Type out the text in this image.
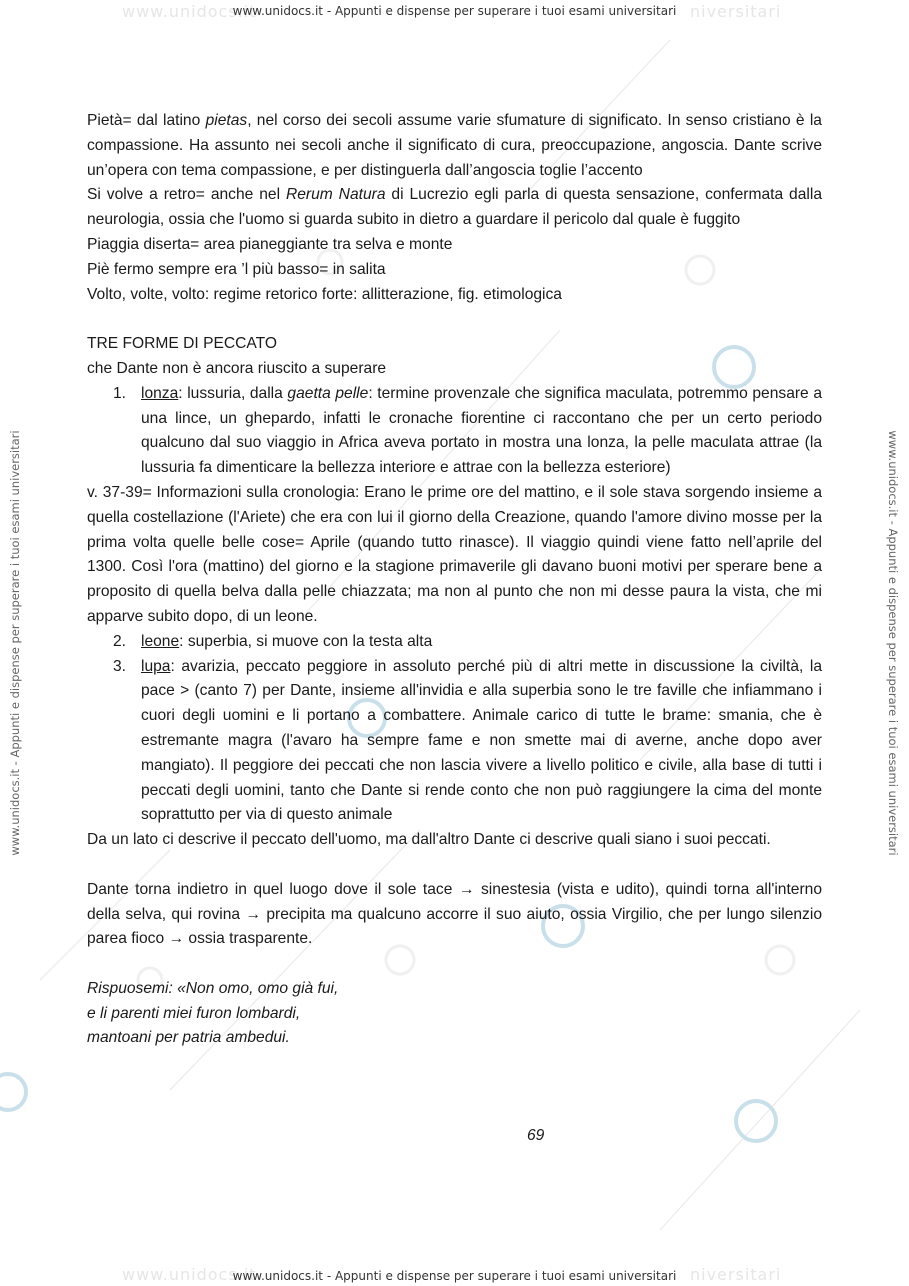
www.unidocs.it	niversitari
www.unidocs.it	niversitari
www.unidocs.it - Appunti e dispense per superare i tuoi esami universitari
www.unidocs.it - Appunti e dispense per superare i tuoi esami universitari
www.unidocs.it - Appunti e dispense per superare i tuoi esami universitari	www.unidocs.it - Appunti e dispense per superare i tuoi esami universitari

Pietà= dal latino pietas, nel corso dei secoli assume varie sfumature di significato. In senso cristiano è la compassione. Ha assunto nei secoli anche il significato di cura, preoccupazione, angoscia. Dante scrive un’opera con tema compassione, e per distinguerla dall’angoscia toglie l’accento

Si volve a retro= anche nel Rerum Natura di Lucrezio egli parla di questa sensazione, confermata dalla neurologia, ossia che l'uomo si guarda subito in dietro a guardare il pericolo dal quale è fuggito

Piaggia diserta= area pianeggiante tra selva e monte

Piè fermo sempre era ’l più basso= in salita

Volto, volte, volto: regime retorico forte: allitterazione, fig. etimologica

TRE FORME DI PECCATO

che Dante non è ancora riuscito a superare

1. lonza: lussuria, dalla gaetta pelle: termine provenzale che significa maculata, potremmo pensare a una lince, un ghepardo, infatti le cronache fiorentine ci raccontano che per un certo periodo qualcuno dal suo viaggio in Africa aveva portato in mostra una lonza, la pelle maculata attrae (la lussuria fa dimenticare la bellezza interiore e attrae con la bellezza esteriore)

v. 37-39= Informazioni sulla cronologia: Erano le prime ore del mattino, e il sole stava sorgendo insieme a quella costellazione (l'Ariete) che era con lui il giorno della Creazione, quando l'amore divino mosse per la prima volta quelle belle cose= Aprile (quando tutto rinasce). Il viaggio quindi viene fatto nell’aprile del 1300. Così l'ora (mattino) del giorno e la stagione primaverile gli davano buoni motivi per sperare bene a proposito di quella belva dalla pelle chiazzata; ma non al punto che non mi desse paura la vista, che mi apparve subito dopo, di un leone.

2. leone: superbia, si muove con la testa alta
3. lupa: avarizia, peccato peggiore in assoluto perché più di altri mette in discussione la civiltà, la pace > (canto 7) per Dante, insieme all'invidia e alla superbia sono le tre faville che infiammano i cuori degli uomini e li portano a combattere. Animale carico di tutte le brame: smania, che è estremante magra (l'avaro ha sempre fame e non smette mai di averne, anche dopo aver mangiato). Il peggiore dei peccati che non lascia vivere a livello politico e civile, alla base di tutti i peccati degli uomini, tanto che Dante si rende conto che non può raggiungere la cima del monte soprattutto per via di questo animale

Da un lato ci descrive il peccato dell'uomo, ma dall'altro Dante ci descrive quali siano i suoi peccati.

Dante torna indietro in quel luogo dove il sole tace → sinestesia (vista e udito), quindi torna all'interno della selva, qui rovina → precipita ma qualcuno accorre il suo aiuto, ossia Virgilio, che per lungo silenzio parea fioco → ossia trasparente.

Rispuosemi: «Non omo, omo già fui,

e li parenti miei furon lombardi,

mantoani per patria ambedui.

69
